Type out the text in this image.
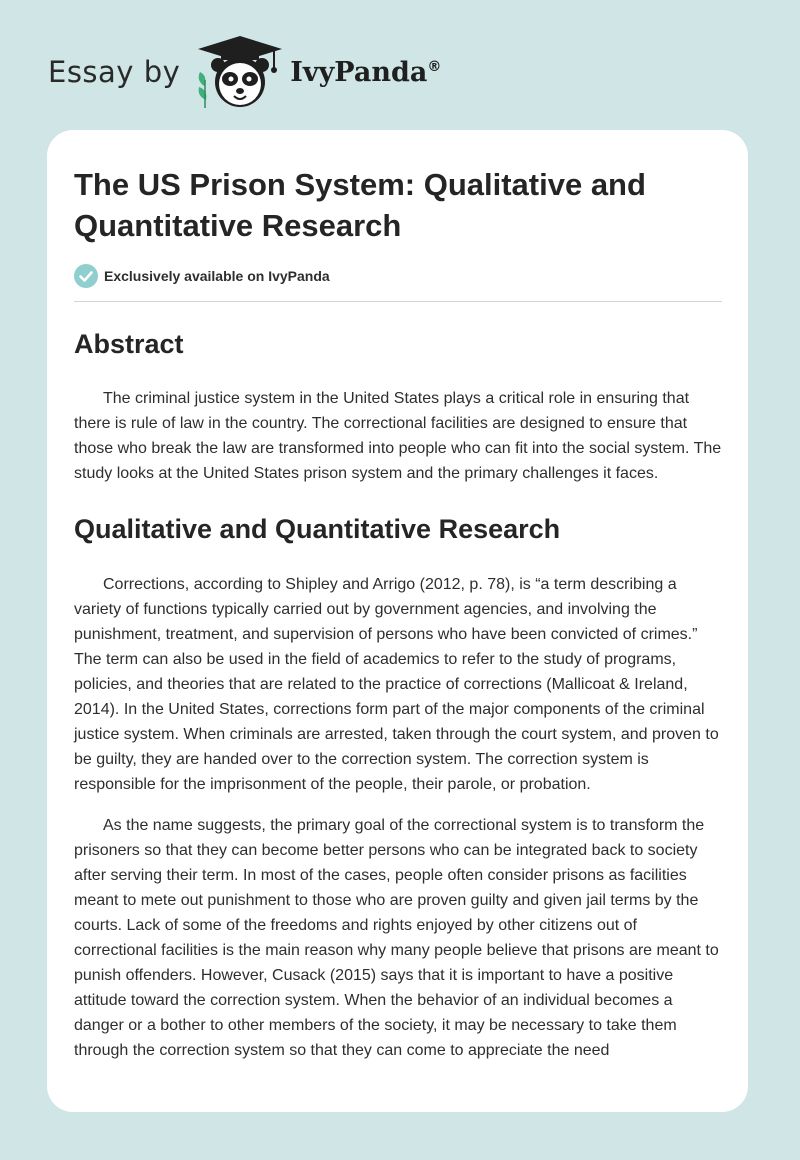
Essay by	IvyPanda®
The US Prison System: Qualitative and Quantitative Research
Exclusively available on IvyPanda
Abstract

The criminal justice system in the United States plays a critical role in ensuring that there is rule of law in the country. The correctional facilities are designed to ensure that those who break the law are transformed into people who can fit into the social system. The study looks at the United States prison system and the primary challenges it faces.

Qualitative and Quantitative Research

Corrections, according to Shipley and Arrigo (2012, p. 78), is “a term describing a variety of functions typically carried out by government agencies, and involving the punishment, treatment, and supervision of persons who have been convicted of crimes.” The term can also be used in the field of academics to refer to the study of programs, policies, and theories that are related to the practice of corrections (Mallicoat & Ireland, 2014). In the United States, corrections form part of the major components of the criminal justice system. When criminals are arrested, taken through the court system, and proven to be guilty, they are handed over to the correction system. The correction system is responsible for the imprisonment of the people, their parole, or probation.

As the name suggests, the primary goal of the correctional system is to transform the prisoners so that they can become better persons who can be integrated back to society after serving their term. In most of the cases, people often consider prisons as facilities meant to mete out punishment to those who are proven guilty and given jail terms by the courts. Lack of some of the freedoms and rights enjoyed by other citizens out of correctional facilities is the main reason why many people believe that prisons are meant to punish offenders. However, Cusack (2015) says that it is important to have a positive attitude toward the correction system. When the behavior of an individual becomes a danger or a bother to other members of the society, it may be necessary to take them through the correction system so that they can come to appreciate the need
